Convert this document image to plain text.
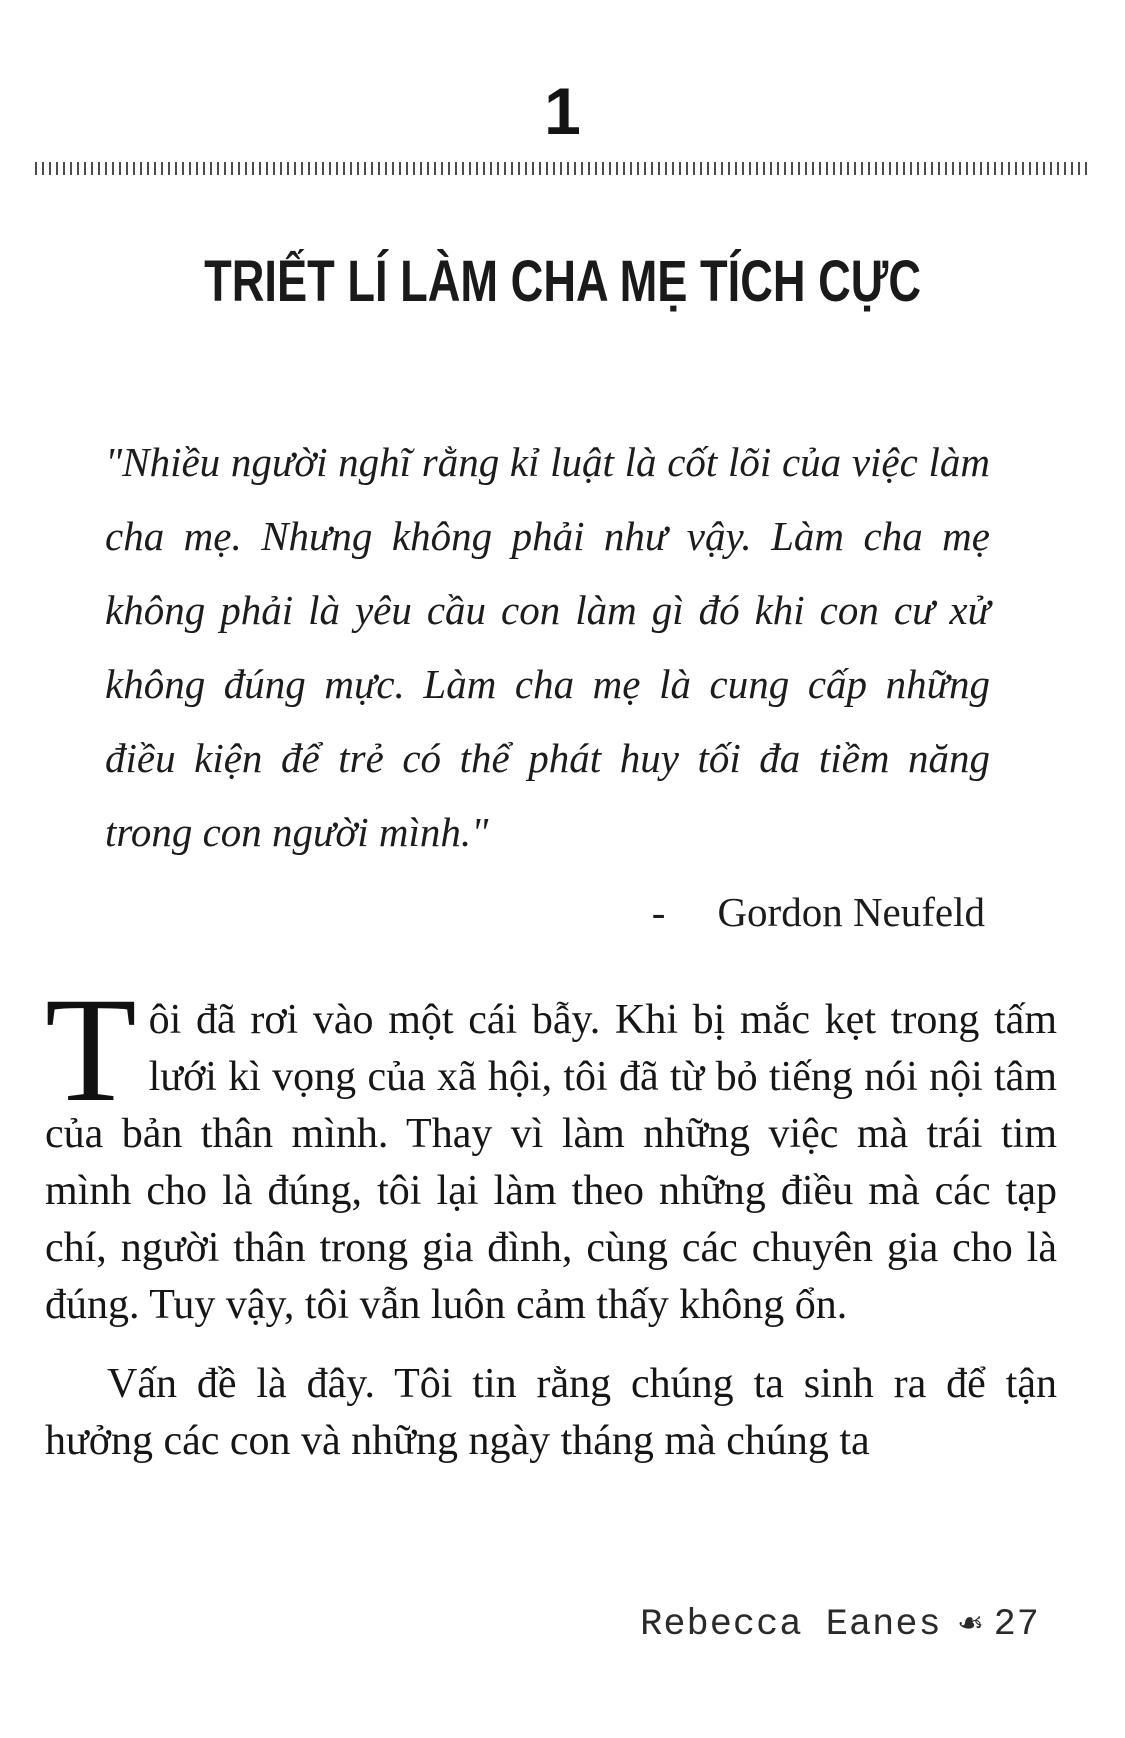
1
TRIẾT LÍ LÀM CHA MẸ TÍCH CỰC
"Nhiều người nghĩ rằng kỉ luật là cốt lõi của việc làm cha mẹ. Nhưng không phải như vậy. Làm cha mẹ không phải là yêu cầu con làm gì đó khi con cư xử không đúng mực. Làm cha mẹ là cung cấp những điều kiện để trẻ có thể phát huy tối đa tiềm năng trong con người mình."
- Gordon Neufeld

Tôi đã rơi vào một cái bẫy. Khi bị mắc kẹt trong tấm lưới kì vọng của xã hội, tôi đã từ bỏ tiếng nói nội tâm của bản thân mình. Thay vì làm những việc mà trái tim mình cho là đúng, tôi lại làm theo những điều mà các tạp chí, người thân trong gia đình, cùng các chuyên gia cho là đúng. Tuy vậy, tôi vẫn luôn cảm thấy không ổn.

Vấn đề là đây. Tôi tin rằng chúng ta sinh ra để tận hưởng các con và những ngày tháng mà chúng ta

Rebecca Eanes ❧ 27
